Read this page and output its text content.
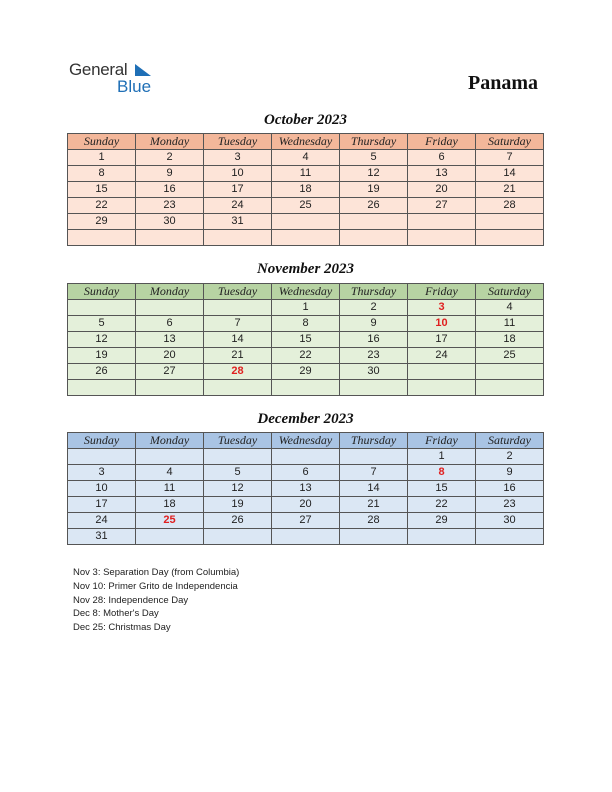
General
Blue	Panama
October 2023
Sunday	Monday	Tuesday	Wednesday	Thursday	Friday	Saturday
1	2	3	4	5	6	7
8	9	10	11	12	13	14
15	16	17	18	19	20	21
22	23	24	25	26	27	28
29	30	31				

November 2023
Sunday	Monday	Tuesday	Wednesday	Thursday	Friday	Saturday
			1	2	3	4
5	6	7	8	9	10	11
12	13	14	15	16	17	18
19	20	21	22	23	24	25
26	27	28	29	30		

December 2023
Sunday	Monday	Tuesday	Wednesday	Thursday	Friday	Saturday
					1	2
3	4	5	6	7	8	9
10	11	12	13	14	15	16
17	18	19	20	21	22	23
24	25	26	27	28	29	30
31						
Nov 3: Separation Day (from Columbia)
Nov 10: Primer Grito de Independencia
Nov 28: Independence Day
Dec 8: Mother's Day
Dec 25: Christmas Day
